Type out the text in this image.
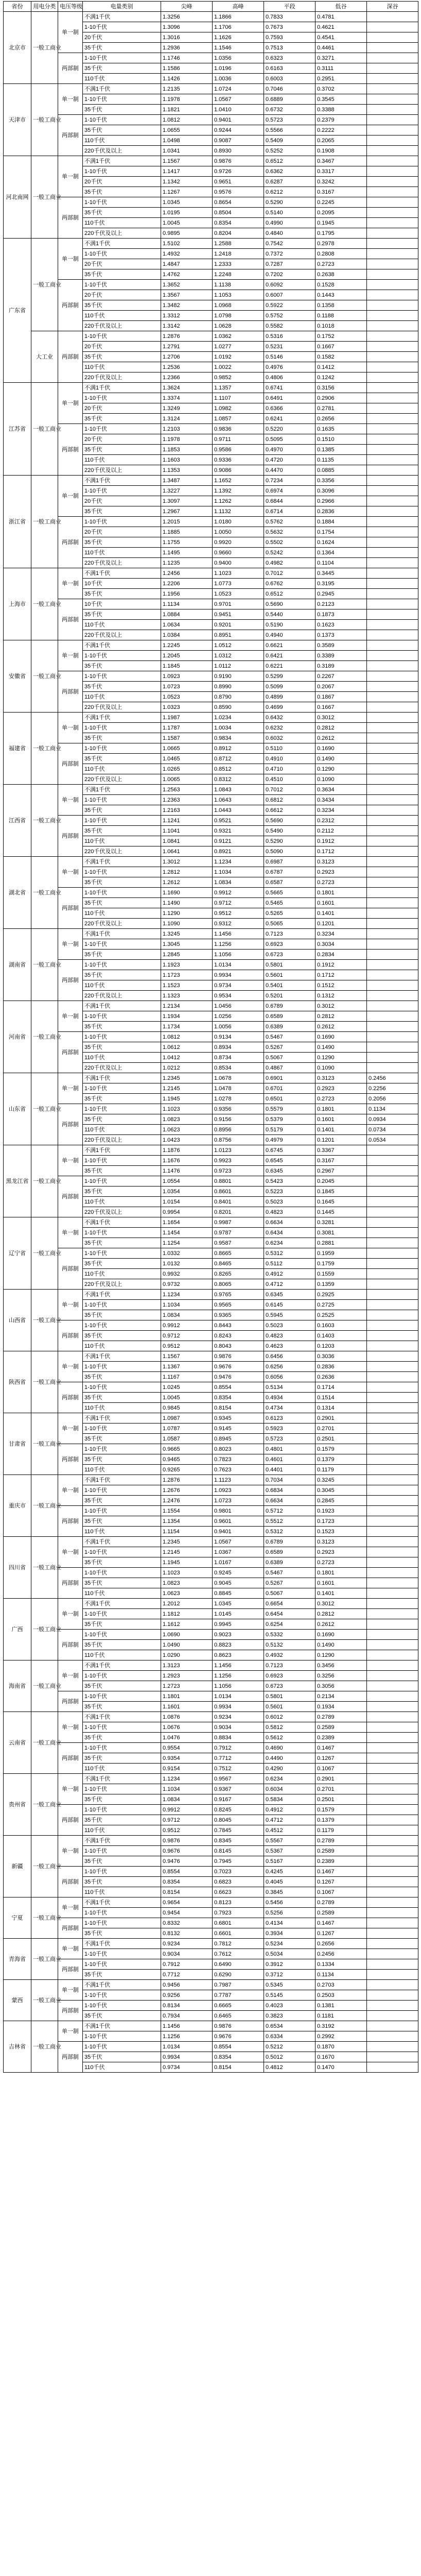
省份	用电分类	电压等级	电量类别	尖峰	高峰	平段	低谷	深谷
北京市	一般工商业	单一制	不满1千伏	1.3256	1.1866	0.7833	0.4781	
			1-10千伏	1.3096	1.1706	0.7673	0.4621	
			20千伏	1.3016	1.1626	0.7593	0.4541	
			35千伏	1.2936	1.1546	0.7513	0.4461	
		两部制	1-10千伏	1.1746	1.0356	0.6323	0.3271	
			35千伏	1.1586	1.0196	0.6163	0.3111	
			110千伏	1.1426	1.0036	0.6003	0.2951	
天津市	一般工商业	单一制	不满1千伏	1.2135	1.0724	0.7046	0.3702	
			1-10千伏	1.1978	1.0567	0.6889	0.3545	
			35千伏	1.1821	1.0410	0.6732	0.3388	
		两部制	1-10千伏	1.0812	0.9401	0.5723	0.2379	
			35千伏	1.0655	0.9244	0.5566	0.2222	
			110千伏	1.0498	0.9087	0.5409	0.2065	
			220千伏及以上	1.0341	0.8930	0.5252	0.1908	
河北南网	一般工商业	单一制	不满1千伏	1.1567	0.9876	0.6512	0.3467	
			1-10千伏	1.1417	0.9726	0.6362	0.3317	
			20千伏	1.1342	0.9651	0.6287	0.3242	
			35千伏	1.1267	0.9576	0.6212	0.3167	
		两部制	1-10千伏	1.0345	0.8654	0.5290	0.2245	
			35千伏	1.0195	0.8504	0.5140	0.2095	
			110千伏	1.0045	0.8354	0.4990	0.1945	
			220千伏及以上	0.9895	0.8204	0.4840	0.1795	
广东省	一般工商业	单一制	不满1千伏	1.5102	1.2588	0.7542	0.2978	
			1-10千伏	1.4932	1.2418	0.7372	0.2808	
			20千伏	1.4847	1.2333	0.7287	0.2723	
			35千伏	1.4762	1.2248	0.7202	0.2638	
		两部制	1-10千伏	1.3652	1.1138	0.6092	0.1528	
			20千伏	1.3567	1.1053	0.6007	0.1443	
			35千伏	1.3482	1.0968	0.5922	0.1358	
			110千伏	1.3312	1.0798	0.5752	0.1188	
			220千伏及以上	1.3142	1.0628	0.5582	0.1018	
	大工业	两部制	1-10千伏	1.2876	1.0362	0.5316	0.1752	
			20千伏	1.2791	1.0277	0.5231	0.1667	
			35千伏	1.2706	1.0192	0.5146	0.1582	
			110千伏	1.2536	1.0022	0.4976	0.1412	
			220千伏及以上	1.2366	0.9852	0.4806	0.1242	
江苏省	一般工商业	单一制	不满1千伏	1.3624	1.1357	0.6741	0.3156	
			1-10千伏	1.3374	1.1107	0.6491	0.2906	
			20千伏	1.3249	1.0982	0.6366	0.2781	
			35千伏	1.3124	1.0857	0.6241	0.2656	
		两部制	1-10千伏	1.2103	0.9836	0.5220	0.1635	
			20千伏	1.1978	0.9711	0.5095	0.1510	
			35千伏	1.1853	0.9586	0.4970	0.1385	
			110千伏	1.1603	0.9336	0.4720	0.1135	
			220千伏及以上	1.1353	0.9086	0.4470	0.0885	
浙江省	一般工商业	单一制	不满1千伏	1.3487	1.1652	0.7234	0.3356	
			1-10千伏	1.3227	1.1392	0.6974	0.3096	
			20千伏	1.3097	1.1262	0.6844	0.2966	
			35千伏	1.2967	1.1132	0.6714	0.2836	
		两部制	1-10千伏	1.2015	1.0180	0.5762	0.1884	
			20千伏	1.1885	1.0050	0.5632	0.1754	
			35千伏	1.1755	0.9920	0.5502	0.1624	
			110千伏	1.1495	0.9660	0.5242	0.1364	
			220千伏及以上	1.1235	0.9400	0.4982	0.1104	
上海市	一般工商业	单一制	不满1千伏	1.2456	1.1023	0.7012	0.3445	
			10千伏	1.2206	1.0773	0.6762	0.3195	
			35千伏	1.1956	1.0523	0.6512	0.2945	
		两部制	10千伏	1.1134	0.9701	0.5690	0.2123	
			35千伏	1.0884	0.9451	0.5440	0.1873	
			110千伏	1.0634	0.9201	0.5190	0.1623	
			220千伏及以上	1.0384	0.8951	0.4940	0.1373	
安徽省	一般工商业	单一制	不满1千伏	1.2245	1.0512	0.6621	0.3589	
			1-10千伏	1.2045	1.0312	0.6421	0.3389	
			35千伏	1.1845	1.0112	0.6221	0.3189	
		两部制	1-10千伏	1.0923	0.9190	0.5299	0.2267	
			35千伏	1.0723	0.8990	0.5099	0.2067	
			110千伏	1.0523	0.8790	0.4899	0.1867	
			220千伏及以上	1.0323	0.8590	0.4699	0.1667	
福建省	一般工商业	单一制	不满1千伏	1.1987	1.0234	0.6432	0.3012	
			1-10千伏	1.1787	1.0034	0.6232	0.2812	
			35千伏	1.1587	0.9834	0.6032	0.2612	
		两部制	1-10千伏	1.0665	0.8912	0.5110	0.1690	
			35千伏	1.0465	0.8712	0.4910	0.1490	
			110千伏	1.0265	0.8512	0.4710	0.1290	
			220千伏及以上	1.0065	0.8312	0.4510	0.1090	
江西省	一般工商业	单一制	不满1千伏	1.2563	1.0843	0.7012	0.3634	
			1-10千伏	1.2363	1.0643	0.6812	0.3434	
			35千伏	1.2163	1.0443	0.6612	0.3234	
		两部制	1-10千伏	1.1241	0.9521	0.5690	0.2312	
			35千伏	1.1041	0.9321	0.5490	0.2112	
			110千伏	1.0841	0.9121	0.5290	0.1912	
			220千伏及以上	1.0641	0.8921	0.5090	0.1712	
湖北省	一般工商业	单一制	不满1千伏	1.3012	1.1234	0.6987	0.3123	
			1-10千伏	1.2812	1.1034	0.6787	0.2923	
			35千伏	1.2612	1.0834	0.6587	0.2723	
		两部制	1-10千伏	1.1690	0.9912	0.5665	0.1801	
			35千伏	1.1490	0.9712	0.5465	0.1601	
			110千伏	1.1290	0.9512	0.5265	0.1401	
			220千伏及以上	1.1090	0.9312	0.5065	0.1201	
湖南省	一般工商业	单一制	不满1千伏	1.3245	1.1456	0.7123	0.3234	
			1-10千伏	1.3045	1.1256	0.6923	0.3034	
			35千伏	1.2845	1.1056	0.6723	0.2834	
		两部制	1-10千伏	1.1923	1.0134	0.5801	0.1912	
			35千伏	1.1723	0.9934	0.5601	0.1712	
			110千伏	1.1523	0.9734	0.5401	0.1512	
			220千伏及以上	1.1323	0.9534	0.5201	0.1312	
河南省	一般工商业	单一制	不满1千伏	1.2134	1.0456	0.6789	0.3012	
			1-10千伏	1.1934	1.0256	0.6589	0.2812	
			35千伏	1.1734	1.0056	0.6389	0.2612	
		两部制	1-10千伏	1.0812	0.9134	0.5467	0.1690	
			35千伏	1.0612	0.8934	0.5267	0.1490	
			110千伏	1.0412	0.8734	0.5067	0.1290	
			220千伏及以上	1.0212	0.8534	0.4867	0.1090	
山东省	一般工商业	单一制	不满1千伏	1.2345	1.0678	0.6901	0.3123	0.2456
			1-10千伏	1.2145	1.0478	0.6701	0.2923	0.2256
			35千伏	1.1945	1.0278	0.6501	0.2723	0.2056
		两部制	1-10千伏	1.1023	0.9356	0.5579	0.1801	0.1134
			35千伏	1.0823	0.9156	0.5379	0.1601	0.0934
			110千伏	1.0623	0.8956	0.5179	0.1401	0.0734
			220千伏及以上	1.0423	0.8756	0.4979	0.1201	0.0534
黑龙江省	一般工商业	单一制	不满1千伏	1.1876	1.0123	0.6745	0.3367	
			1-10千伏	1.1676	0.9923	0.6545	0.3167	
			35千伏	1.1476	0.9723	0.6345	0.2967	
		两部制	1-10千伏	1.0554	0.8801	0.5423	0.2045	
			35千伏	1.0354	0.8601	0.5223	0.1845	
			110千伏	1.0154	0.8401	0.5023	0.1645	
			220千伏及以上	0.9954	0.8201	0.4823	0.1445	
辽宁省	一般工商业	单一制	不满1千伏	1.1654	0.9987	0.6634	0.3281	
			1-10千伏	1.1454	0.9787	0.6434	0.3081	
			35千伏	1.1254	0.9587	0.6234	0.2881	
		两部制	1-10千伏	1.0332	0.8665	0.5312	0.1959	
			35千伏	1.0132	0.8465	0.5112	0.1759	
			110千伏	0.9932	0.8265	0.4912	0.1559	
			220千伏及以上	0.9732	0.8065	0.4712	0.1359	
山西省	一般工商业	单一制	不满1千伏	1.1234	0.9765	0.6345	0.2925	
			1-10千伏	1.1034	0.9565	0.6145	0.2725	
			35千伏	1.0834	0.9365	0.5945	0.2525	
		两部制	1-10千伏	0.9912	0.8443	0.5023	0.1603	
			35千伏	0.9712	0.8243	0.4823	0.1403	
			110千伏	0.9512	0.8043	0.4623	0.1203	
陕西省	一般工商业	单一制	不满1千伏	1.1567	0.9876	0.6456	0.3036	
			1-10千伏	1.1367	0.9676	0.6256	0.2836	
			35千伏	1.1167	0.9476	0.6056	0.2636	
		两部制	1-10千伏	1.0245	0.8554	0.5134	0.1714	
			35千伏	1.0045	0.8354	0.4934	0.1514	
			110千伏	0.9845	0.8154	0.4734	0.1314	
甘肃省	一般工商业	单一制	不满1千伏	1.0987	0.9345	0.6123	0.2901	
			1-10千伏	1.0787	0.9145	0.5923	0.2701	
			35千伏	1.0587	0.8945	0.5723	0.2501	
		两部制	1-10千伏	0.9665	0.8023	0.4801	0.1579	
			35千伏	0.9465	0.7823	0.4601	0.1379	
			110千伏	0.9265	0.7623	0.4401	0.1179	
重庆市	一般工商业	单一制	不满1千伏	1.2876	1.1123	0.7034	0.3245	
			1-10千伏	1.2676	1.0923	0.6834	0.3045	
			35千伏	1.2476	1.0723	0.6634	0.2845	
		两部制	1-10千伏	1.1554	0.9801	0.5712	0.1923	
			35千伏	1.1354	0.9601	0.5512	0.1723	
			110千伏	1.1154	0.9401	0.5312	0.1523	
四川省	一般工商业	单一制	不满1千伏	1.2345	1.0567	0.6789	0.3123	
			1-10千伏	1.2145	1.0367	0.6589	0.2923	
			35千伏	1.1945	1.0167	0.6389	0.2723	
		两部制	1-10千伏	1.1023	0.9245	0.5467	0.1801	
			35千伏	1.0823	0.9045	0.5267	0.1601	
			110千伏	1.0623	0.8845	0.5067	0.1401	
广西	一般工商业	单一制	不满1千伏	1.2012	1.0345	0.6654	0.3012	
			1-10千伏	1.1812	1.0145	0.6454	0.2812	
			35千伏	1.1612	0.9945	0.6254	0.2612	
		两部制	1-10千伏	1.0690	0.9023	0.5332	0.1690	
			35千伏	1.0490	0.8823	0.5132	0.1490	
			110千伏	1.0290	0.8623	0.4932	0.1290	
海南省	一般工商业	单一制	不满1千伏	1.3123	1.1456	0.7123	0.3456	
			1-10千伏	1.2923	1.1256	0.6923	0.3256	
			35千伏	1.2723	1.1056	0.6723	0.3056	
		两部制	1-10千伏	1.1801	1.0134	0.5801	0.2134	
			35千伏	1.1601	0.9934	0.5601	0.1934	
云南省	一般工商业	单一制	不满1千伏	1.0876	0.9234	0.6012	0.2789	
			1-10千伏	1.0676	0.9034	0.5812	0.2589	
			35千伏	1.0476	0.8834	0.5612	0.2389	
		两部制	1-10千伏	0.9554	0.7912	0.4690	0.1467	
			35千伏	0.9354	0.7712	0.4490	0.1267	
			110千伏	0.9154	0.7512	0.4290	0.1067	
贵州省	一般工商业	单一制	不满1千伏	1.1234	0.9567	0.6234	0.2901	
			1-10千伏	1.1034	0.9367	0.6034	0.2701	
			35千伏	1.0834	0.9167	0.5834	0.2501	
		两部制	1-10千伏	0.9912	0.8245	0.4912	0.1579	
			35千伏	0.9712	0.8045	0.4712	0.1379	
			110千伏	0.9512	0.7845	0.4512	0.1179	
新疆	一般工商业	单一制	不满1千伏	0.9876	0.8345	0.5567	0.2789	
			1-10千伏	0.9676	0.8145	0.5367	0.2589	
			35千伏	0.9476	0.7945	0.5167	0.2389	
		两部制	1-10千伏	0.8554	0.7023	0.4245	0.1467	
			35千伏	0.8354	0.6823	0.4045	0.1267	
			110千伏	0.8154	0.6623	0.3845	0.1067	
宁夏	一般工商业	单一制	不满1千伏	0.9654	0.8123	0.5456	0.2789	
			1-10千伏	0.9454	0.7923	0.5256	0.2589	
		两部制	1-10千伏	0.8332	0.6801	0.4134	0.1467	
			35千伏	0.8132	0.6601	0.3934	0.1267	
青海省	一般工商业	单一制	不满1千伏	0.9234	0.7812	0.5234	0.2656	
			1-10千伏	0.9034	0.7612	0.5034	0.2456	
		两部制	1-10千伏	0.7912	0.6490	0.3912	0.1334	
			35千伏	0.7712	0.6290	0.3712	0.1134	
蒙西	一般工商业	单一制	不满1千伏	0.9456	0.7987	0.5345	0.2703	
			1-10千伏	0.9256	0.7787	0.5145	0.2503	
		两部制	1-10千伏	0.8134	0.6665	0.4023	0.1381	
			35千伏	0.7934	0.6465	0.3823	0.1181	
吉林省	一般工商业	单一制	不满1千伏	1.1456	0.9876	0.6534	0.3192	
			1-10千伏	1.1256	0.9676	0.6334	0.2992	
		两部制	1-10千伏	1.0134	0.8554	0.5212	0.1870	
			35千伏	0.9934	0.8354	0.5012	0.1670	
			110千伏	0.9734	0.8154	0.4812	0.1470	
